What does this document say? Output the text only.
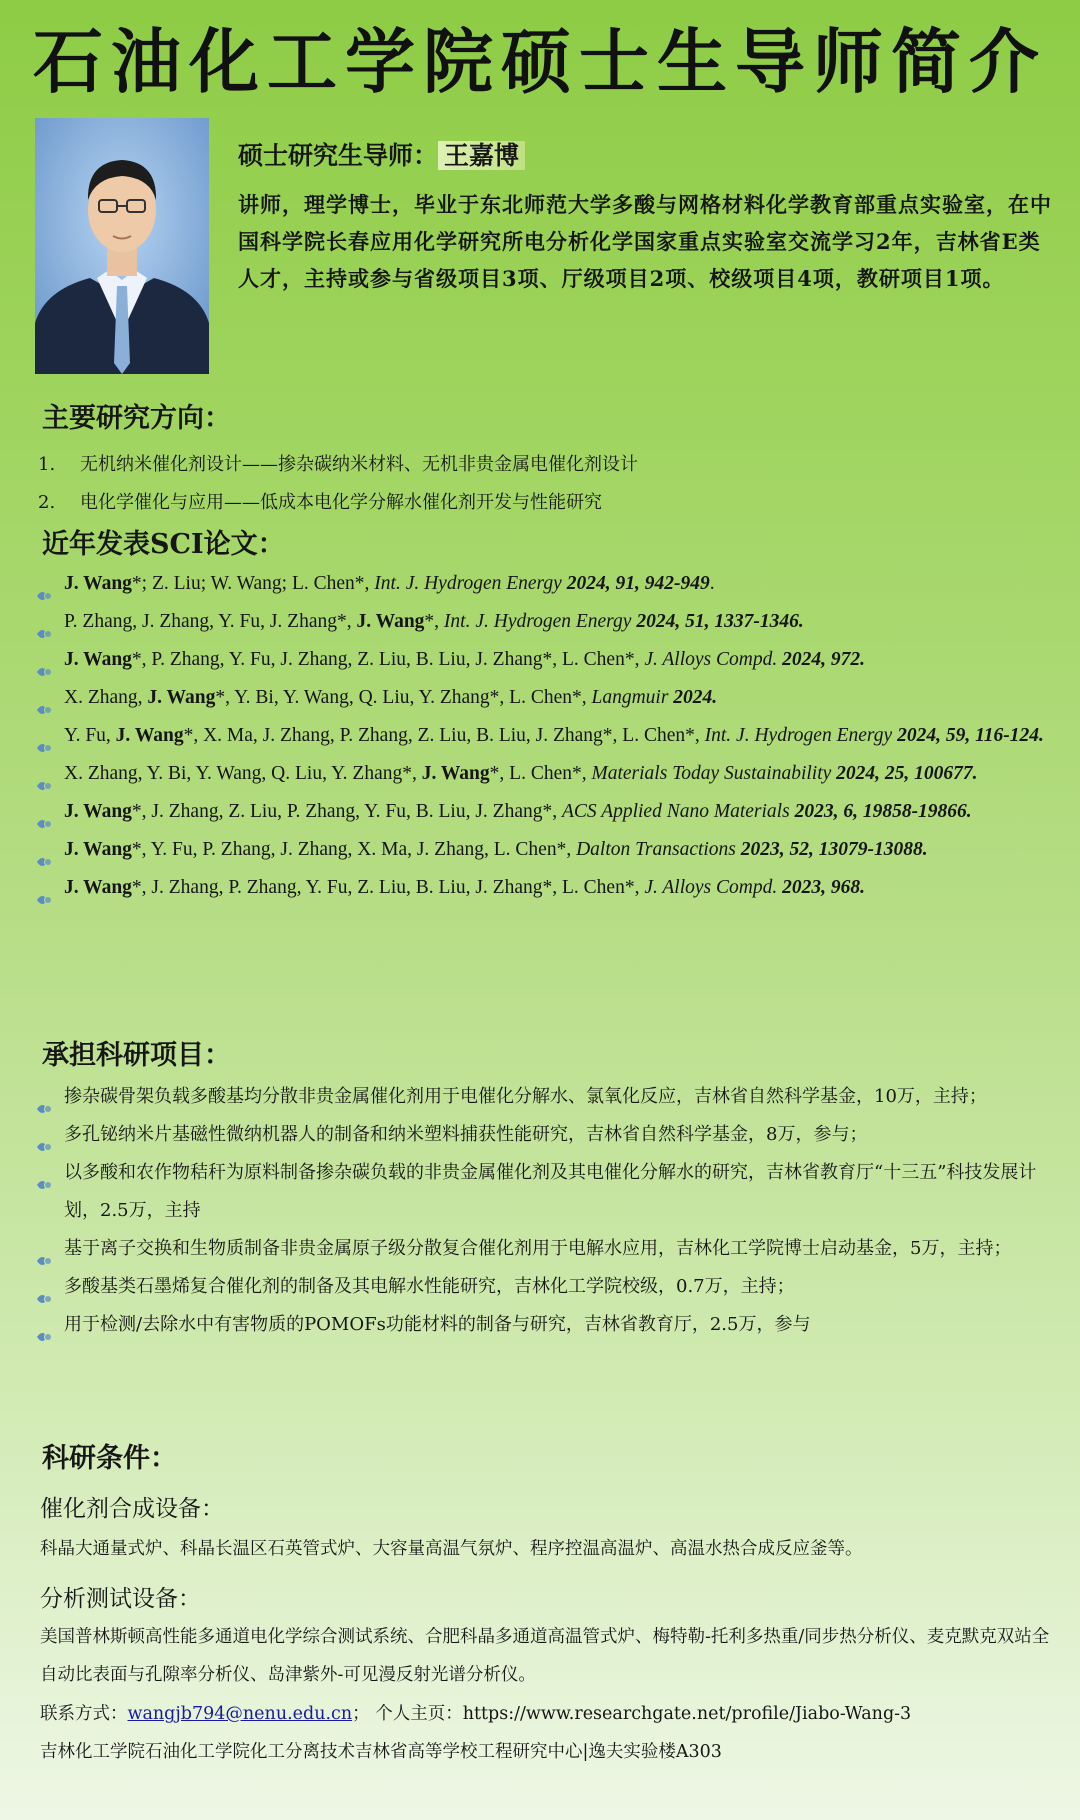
石油化工学院硕士生导师简介
硕士研究生导师： 王嘉博
讲师，理学博士，毕业于东北师范大学多酸与网格材料化学教育部重点实验室，在中国科学院长春应用化学研究所电分析化学国家重点实验室交流学习2年，吉林省E类人才，主持或参与省级项目3项、厅级项目2项、校级项目4项，教研项目1项。
主要研究方向：
1. 无机纳米催化剂设计——掺杂碳纳米材料、无机非贵金属电催化剂设计
2. 电化学催化与应用——低成本电化学分解水催化剂开发与性能研究
近年发表SCI论文：
J. Wang*; Z. Liu; W. Wang; L. Chen*, Int. J. Hydrogen Energy 2024, 91, 942-949.
P. Zhang, J. Zhang, Y. Fu, J. Zhang*, J. Wang*, Int. J. Hydrogen Energy 2024, 51, 1337-1346.
J. Wang*, P. Zhang, Y. Fu, J. Zhang, Z. Liu, B. Liu, J. Zhang*, L. Chen*, J. Alloys Compd. 2024, 972.
X. Zhang, J. Wang*, Y. Bi, Y. Wang, Q. Liu, Y. Zhang*, L. Chen*, Langmuir 2024.
Y. Fu, J. Wang*, X. Ma, J. Zhang, P. Zhang, Z. Liu, B. Liu, J. Zhang*, L. Chen*, Int. J. Hydrogen Energy 2024, 59, 116-124.
X. Zhang, Y. Bi, Y. Wang, Q. Liu, Y. Zhang*, J. Wang*, L. Chen*, Materials Today Sustainability 2024, 25, 100677.
J. Wang*, J. Zhang, Z. Liu, P. Zhang, Y. Fu, B. Liu, J. Zhang*, ACS Applied Nano Materials 2023, 6, 19858-19866.
J. Wang*, Y. Fu, P. Zhang, J. Zhang, X. Ma, J. Zhang, L. Chen*, Dalton Transactions 2023, 52, 13079-13088.
J. Wang*, J. Zhang, P. Zhang, Y. Fu, Z. Liu, B. Liu, J. Zhang*, L. Chen*, J. Alloys Compd. 2023, 968.
承担科研项目：
掺杂碳骨架负载多酸基均分散非贵金属催化剂用于电催化分解水、氯氧化反应，吉林省自然科学基金，10万，主持；
多孔铋纳米片基磁性微纳机器人的制备和纳米塑料捕获性能研究，吉林省自然科学基金，8万，参与；
以多酸和农作物秸秆为原料制备掺杂碳负载的非贵金属催化剂及其电催化分解水的研究，吉林省教育厅“十三五”科技发展计划，2.5万，主持
基于离子交换和生物质制备非贵金属原子级分散复合催化剂用于电解水应用，吉林化工学院博士启动基金，5万，主持；
多酸基类石墨烯复合催化剂的制备及其电解水性能研究，吉林化工学院校级，0.7万，主持；
用于检测/去除水中有害物质的POMOFs功能材料的制备与研究，吉林省教育厅，2.5万，参与
科研条件：
催化剂合成设备：
科晶大通量式炉、科晶长温区石英管式炉、大容量高温气氛炉、程序控温高温炉、高温水热合成反应釜等。
分析测试设备：
美国普林斯顿高性能多通道电化学综合测试系统、合肥科晶多通道高温管式炉、梅特勒-托利多热重/同步热分析仪、麦克默克双站全自动比表面与孔隙率分析仪、岛津紫外-可见漫反射光谱分析仪。
联系方式：wangjb794@nenu.edu.cn； 个人主页：https://www.researchgate.net/profile/Jiabo-Wang-3
吉林化工学院石油化工学院化工分离技术吉林省高等学校工程研究中心|逸夫实验楼A303
